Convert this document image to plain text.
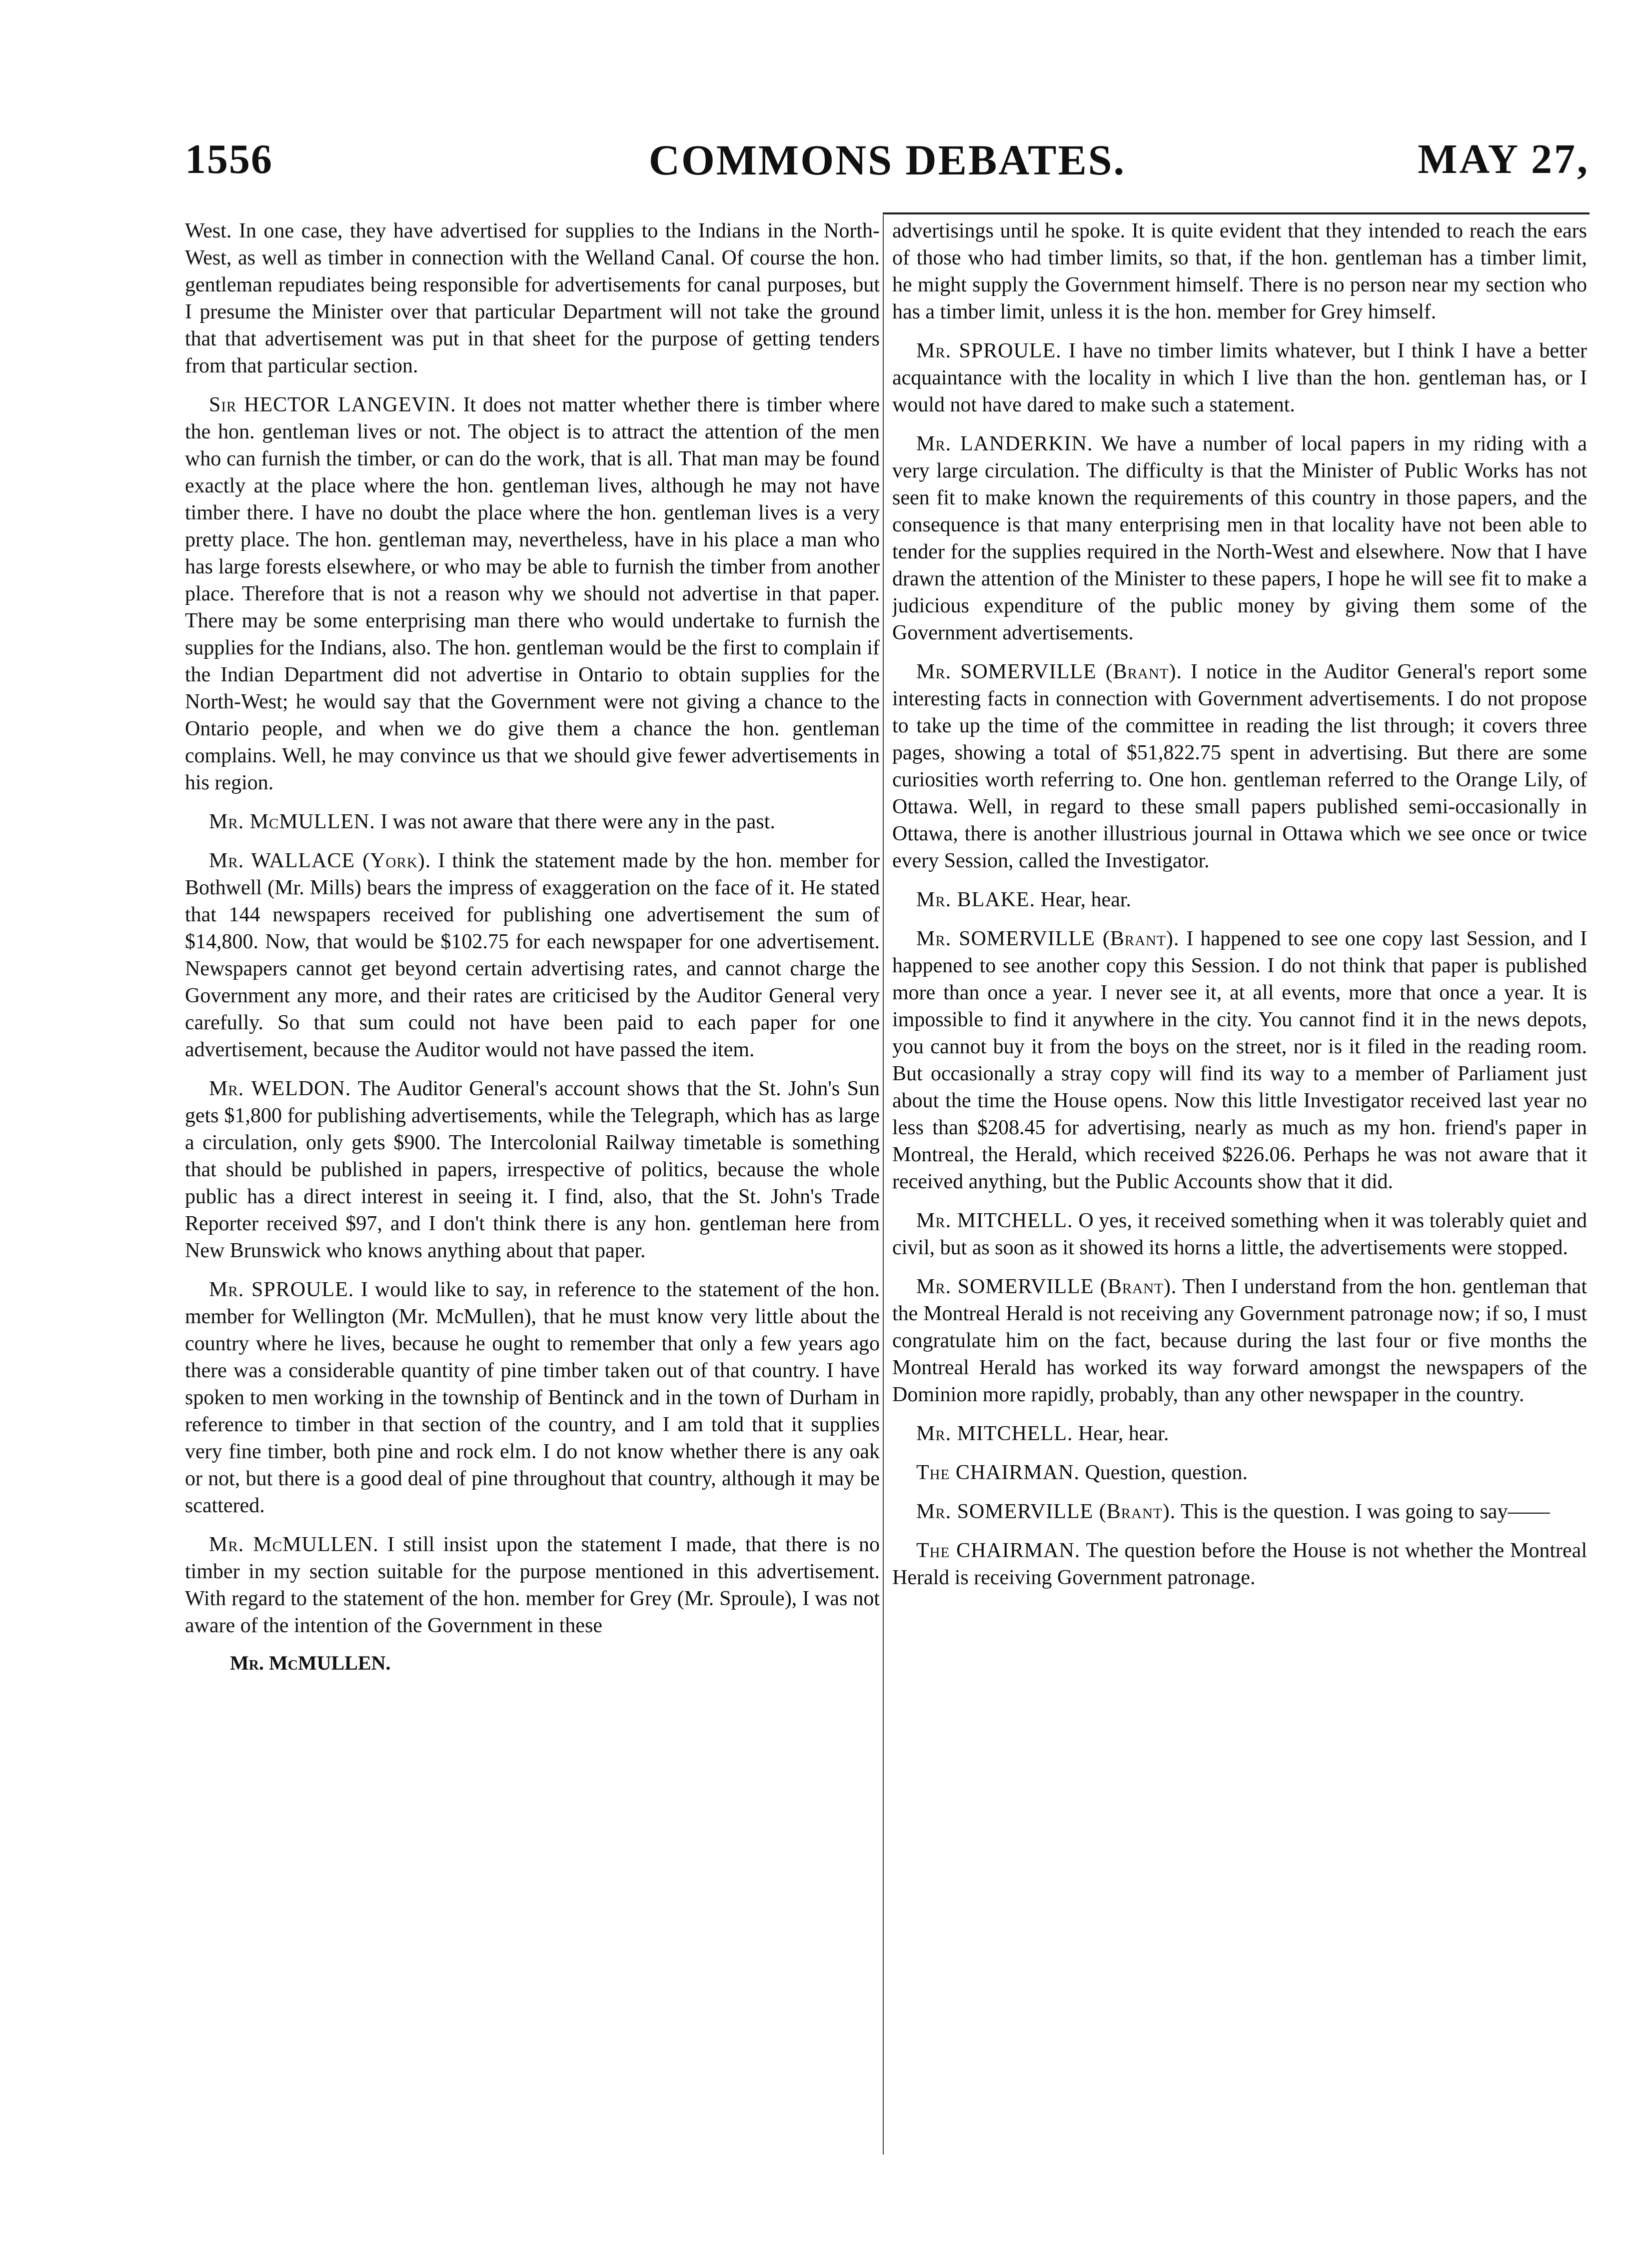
1556	COMMONS DEBATES.	MAY 27,

West. In one case, they have advertised for supplies to the Indians in the North-West, as well as timber in connection with the Welland Canal. Of course the hon. gentleman repudiates being responsible for advertisements for canal purposes, but I presume the Minister over that particular Department will not take the ground that that advertisement was put in that sheet for the purpose of getting tenders from that particular section.

Sir HECTOR LANGEVIN. It does not matter whether there is timber where the hon. gentleman lives or not. The object is to attract the attention of the men who can furnish the timber, or can do the work, that is all. That man may be found exactly at the place where the hon. gentleman lives, although he may not have timber there. I have no doubt the place where the hon. gentleman lives is a very pretty place. The hon. gentleman may, nevertheless, have in his place a man who has large forests elsewhere, or who may be able to furnish the timber from another place. Therefore that is not a reason why we should not advertise in that paper. There may be some enterprising man there who would undertake to furnish the supplies for the Indians, also. The hon. gentleman would be the first to complain if the Indian Department did not advertise in Ontario to obtain supplies for the North-West; he would say that the Government were not giving a chance to the Ontario people, and when we do give them a chance the hon. gentleman complains. Well, he may convince us that we should give fewer advertisements in his region.

Mr. McMULLEN. I was not aware that there were any in the past.

Mr. WALLACE (York). I think the statement made by the hon. member for Bothwell (Mr. Mills) bears the impress of exaggeration on the face of it. He stated that 144 newspapers received for publishing one advertisement the sum of $14,800. Now, that would be $102.75 for each newspaper for one advertisement. Newspapers cannot get beyond certain advertising rates, and cannot charge the Government any more, and their rates are criticised by the Auditor General very carefully. So that sum could not have been paid to each paper for one advertisement, because the Auditor would not have passed the item.

Mr. WELDON. The Auditor General's account shows that the St. John's Sun gets $1,800 for publishing advertisements, while the Telegraph, which has as large a circulation, only gets $900. The Intercolonial Railway timetable is something that should be published in papers, irrespective of politics, because the whole public has a direct interest in seeing it. I find, also, that the St. John's Trade Reporter received $97, and I don't think there is any hon. gentleman here from New Brunswick who knows anything about that paper.

Mr. SPROULE. I would like to say, in reference to the statement of the hon. member for Wellington (Mr. McMullen), that he must know very little about the country where he lives, because he ought to remember that only a few years ago there was a considerable quantity of pine timber taken out of that country. I have spoken to men working in the township of Bentinck and in the town of Durham in reference to timber in that section of the country, and I am told that it supplies very fine timber, both pine and rock elm. I do not know whether there is any oak or not, but there is a good deal of pine throughout that country, although it may be scattered.

Mr. McMULLEN. I still insist upon the statement I made, that there is no timber in my section suitable for the purpose mentioned in this advertisement. With regard to the statement of the hon. member for Grey (Mr. Sproule), I was not aware of the intention of the Government in these

Mr. McMULLEN.

advertisings until he spoke. It is quite evident that they intended to reach the ears of those who had timber limits, so that, if the hon. gentleman has a timber limit, he might supply the Government himself. There is no person near my section who has a timber limit, unless it is the hon. member for Grey himself.

Mr. SPROULE. I have no timber limits whatever, but I think I have a better acquaintance with the locality in which I live than the hon. gentleman has, or I would not have dared to make such a statement.

Mr. LANDERKIN. We have a number of local papers in my riding with a very large circulation. The difficulty is that the Minister of Public Works has not seen fit to make known the requirements of this country in those papers, and the consequence is that many enterprising men in that locality have not been able to tender for the supplies required in the North-West and elsewhere. Now that I have drawn the attention of the Minister to these papers, I hope he will see fit to make a judicious expenditure of the public money by giving them some of the Government advertisements.

Mr. SOMERVILLE (Brant). I notice in the Auditor General's report some interesting facts in connection with Government advertisements. I do not propose to take up the time of the committee in reading the list through; it covers three pages, showing a total of $51,822.75 spent in advertising. But there are some curiosities worth referring to. One hon. gentleman referred to the Orange Lily, of Ottawa. Well, in regard to these small papers published semi-occasionally in Ottawa, there is another illustrious journal in Ottawa which we see once or twice every Session, called the Investigator.

Mr. BLAKE. Hear, hear.

Mr. SOMERVILLE (Brant). I happened to see one copy last Session, and I happened to see another copy this Session. I do not think that paper is published more than once a year. I never see it, at all events, more that once a year. It is impossible to find it anywhere in the city. You cannot find it in the news depots, you cannot buy it from the boys on the street, nor is it filed in the reading room. But occasionally a stray copy will find its way to a member of Parliament just about the time the House opens. Now this little Investigator received last year no less than $208.45 for advertising, nearly as much as my hon. friend's paper in Montreal, the Herald, which received $226.06. Perhaps he was not aware that it received anything, but the Public Accounts show that it did.

Mr. MITCHELL. O yes, it received something when it was tolerably quiet and civil, but as soon as it showed its horns a little, the advertisements were stopped.

Mr. SOMERVILLE (Brant). Then I understand from the hon. gentleman that the Montreal Herald is not receiving any Government patronage now; if so, I must congratulate him on the fact, because during the last four or five months the Montreal Herald has worked its way forward amongst the newspapers of the Dominion more rapidly, probably, than any other newspaper in the country.

Mr. MITCHELL. Hear, hear.

The CHAIRMAN. Question, question.

Mr. SOMERVILLE (Brant). This is the question. I was going to say——

The CHAIRMAN. The question before the House is not whether the Montreal Herald is receiving Government patronage.
